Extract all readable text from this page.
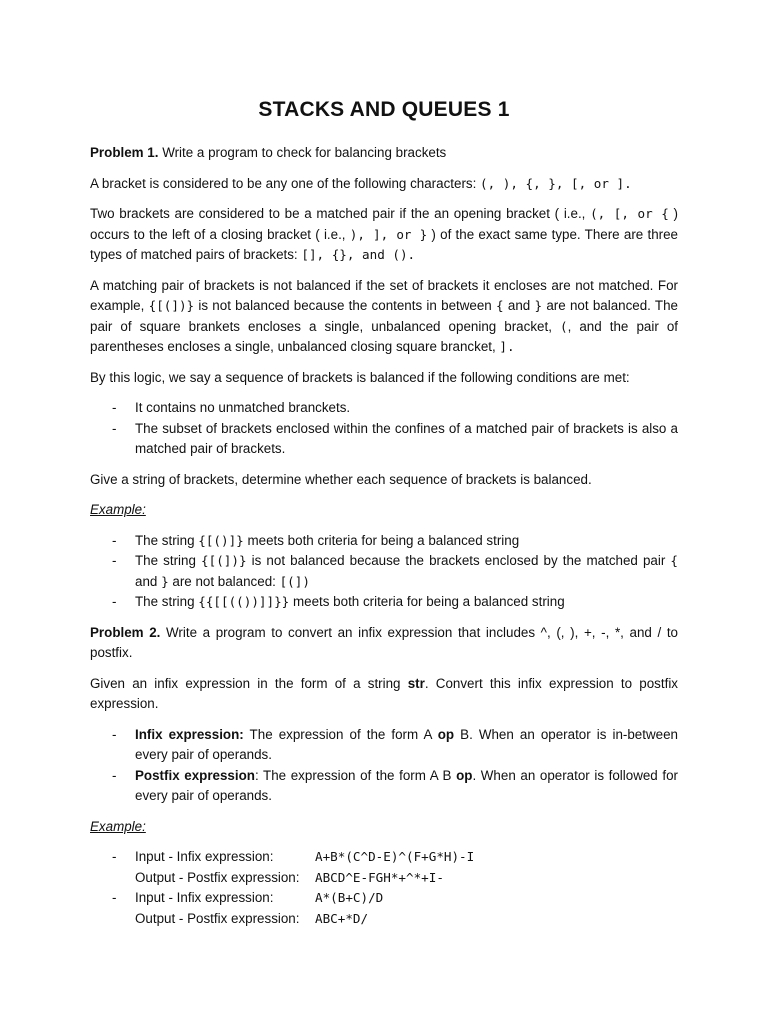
STACKS AND QUEUES 1

Problem 1. Write a program to check for balancing brackets

A bracket is considered to be any one of the following characters: (, ), {, }, [, or ].

Two brackets are considered to be a matched pair if the an opening bracket ( i.e., (, [, or { ) occurs to the left of a closing bracket ( i.e., ), ], or } ) of the exact same type. There are three types of matched pairs of brackets: [], {}, and ().

A matching pair of brackets is not balanced if the set of brackets it encloses are not matched. For example, {[(])} is not balanced because the contents in between { and } are not balanced. The pair of square brankets encloses a single, unbalanced opening bracket, (, and the pair of parentheses encloses a single, unbalanced closing square brancket, ].

By this logic, we say a sequence of brackets is balanced if the following conditions are met:

- It contains no unmatched branckets.
- The subset of brackets enclosed within the confines of a matched pair of brackets is also a matched pair of brackets.

Give a string of brackets, determine whether each sequence of brackets is balanced.

Example:

- The string {[()]} meets both criteria for being a balanced string
- The string {[(])} is not balanced because the brackets enclosed by the matched pair { and } are not balanced: [(])
- The string {{[[(())]]}} meets both criteria for being a balanced string

Problem 2. Write a program to convert an infix expression that includes ^, (, ), +, -, *, and / to postfix.

Given an infix expression in the form of a string str. Convert this infix expression to postfix expression.

- Infix expression: The expression of the form A op B. When an operator is in-between every pair of operands.
- Postfix expression: The expression of the form A B op. When an operator is followed for every pair of operands.

Example:

- Input - Infix expression:	A+B*(C^D-E)^(F+G*H)-I
Output - Postfix expression:	ABCD^E-FGH*+^*+I-
- Input - Infix expression:	A*(B+C)/D
Output - Postfix expression:	ABC+*D/
